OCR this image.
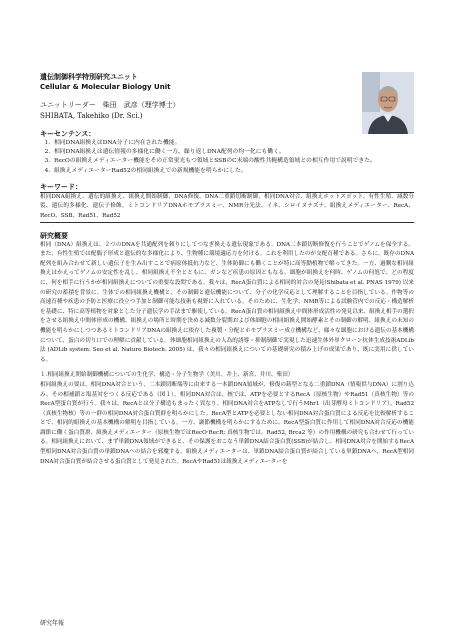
遺伝制御科学特別研究ユニット

Cellular & Molecular Biology Unit

ユニットリーダー　柴田　武彦（理学博士）

SHIBATA, Takehiko (Dr. Sci.)

キーセンテンス：

1. 相同DNA組換えはDNA分子に内在された機能。
2. 相同DNA組換えは遺伝情報の多様化に働く一方、繰り返しDNA配列の均一化にも働く。
3. RecOの組換えメディエーター機能をその正常蛍光もつ領域とSSBのC末端の酸性共軛構造領域との相互作用で説明できた。
4. 組換えメディエーターRad52の相同組換えでの新規機能を明らかにした。

キーワード：

相同DNA組換え、遺伝的組換え、組換え開始制御、DNA修復、DNA二重鎖切断制御、相同DNA対合、組換えホットスポット、有性生殖、減数分裂、遺伝的多様化、遺伝子修飾、ミトコンドリアDNAホモプラスミー、NMR分光法、イネ、シロイヌナズナ、組換えメディエーター、RecA、RecO、SSB、Rad51、Rad52

研究概要

相同（DNA）組換えは、２つのDNAを共通配列を頼りにしてつなぎ換える遺伝現象である。DNA二本鎖切断修復を行うことでゲノムを保全する。また、有性生殖では配偶子形成と遺伝的な多様化により、生物種に環境適応力を付ける。これを利用したのが交配育種である。さらに、既存のDNA配列を組み合わせて新しい遺伝子を生み出すことで病原体抵抗力など、生体防御にも働くことが特に高等動植物で解ってきた。一方、過剰な相同組換えはかえってゲノムの安定性を乱し、相同組換え不全とともに、ガンなど疾患の原因ともなる。細胞が組換えを何時、ゲノムの何処で、どの程度に、何を相手に行うかが相同組換えについての重要な設問である。我々は、RecA蛋白質による相同的対合の発見(Shibata et al. PNAS 1979) 以来の研究の蓄積を背景に、生体での相同組換え機構と、その制御と遺伝機能について、分子の化学反応として理解することを目指している。作物等の高速育種や疾患の予防と医療に役立つ手加と制御可能な技術も視野に入れている。そのために、生化学、NMR等による試験管内での反応・構造解析を基礎に、特に高等植物を対象とした分子遺伝学の手法まで駆使している。RecA蛋白質の相同組換え中間体形成活性の発見以来、組換え相手の選択をさせる組換え中間体形成の機構、組換えの場所と時期を決める減数分裂期および体細胞の相同組換え開始酵素とその制御の解明、組換えの未知の機能を明らかにしつつあるミトコンドリアDNAの組換えに依存した複製・分配とホモプラスミー成立機構など、様々な細胞における遺伝の基本機構について、蛋白の切り口での理解に貢献している。体細胞相同組換えの人為的誘導・抑制制御で実現した迅速生体外単クローン抗体生成技術ADLib法 (ADLib system: Seo et al. Nature Biotech. 2005) は、我々の相同組換えについての基礎研究の積み上げの成果であり、既に実用に供している。

１.相同組換え開始制御機構についての生化学、構造・分子生物学（美川、井上、新宮、井川、柴田）

相同組換えの要は、相同DNA対合という、二本鎖切断端等に由来する一本鎖DNA領域が、修復の鋳型となる二重鎖DNA（情報供与DNA）に割り込み、その相補鎖と塩基対をつくる反応である（図１）。相同DNA対合は、核では、ATPを必要とするRecA（原核生物）やRad51（真核生物）等のRecA型蛋白質が行う。我々は、RecAとは分子構造もまったく異なり、相同DNA対合をATPなしで行うMhr1（出芽酵母ミトコンドリア）、Rad52（真核生物核）等の一群の相同DNA対合蛋白質群を明らかにした。RecA型とATPを必要としない相同DNA対合蛋白質による反応を比較解析することで、相同的組換えの基本機構の解明を目指している。一方、調節機構を明らかにするために、RecA型蛋白質に作用して相同DNA対合反応の機能調節に働く蛋白質群、組換えメディエーター（原核生物ではRecO·RecR; 真核生物では、Rad52, Brca2 等）の作用機構の研究も合わせて行っている。相同組換えにおいて、まず単鎖DNA領域ができると、その保護をおこなう単鎖DNA結合蛋白質(SSB)が結合し、相同DNA対合を開始するRecA型相同DNA対合蛋白質の単鎖DNAへの結合を邪魔する。組換えメディエーターは、単鎖DNA結合蛋白質が結合している単鎖DNAへ、RecA型相同DNA対合蛋白質が結合させる蛋白質として発見された。RecAやRad51は組換えメディエーターを

研究年報
